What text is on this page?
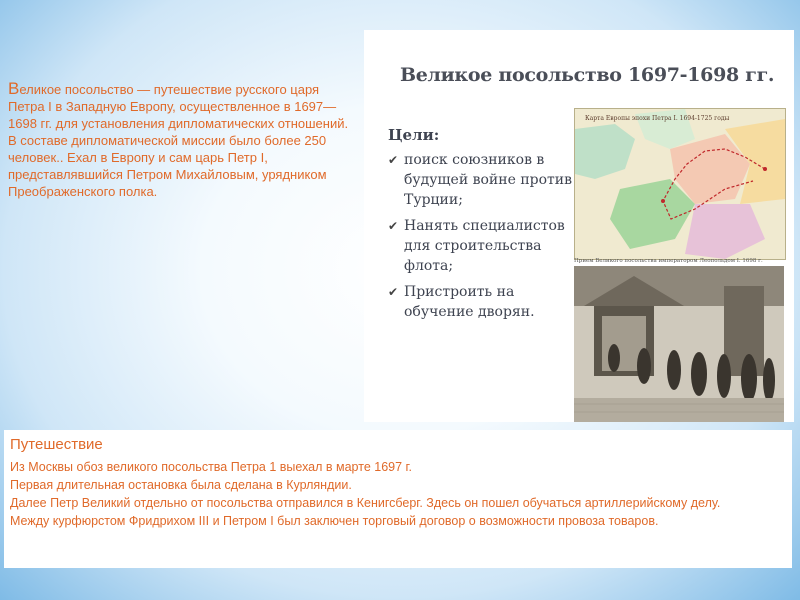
Великое посольство — путешествие русского царя Петра I в Западную Европу, осуществленное в 1697—1698 гг. для установления дипломатических отношений.

В составе дипломатической миссии было более 250 человек.. Ехал в Европу и сам царь Петр I, представлявшийся Петром Михайловым, урядником Преображенского полка.

Великое посольство 1697-1698 гг.
Цели:
✔ поиск союзников в будущей войне против Турции;
✔ Нанять специалистов для строительства флота;
✔ Пристроить на обучение дворян.
Карта Европы эпохи Петра I. 1694-1725 годы
Прием Великого посольства императором Леопольдом I. 1698 г.
Путешествие

Из Москвы обоз великого посольства Петра 1 выехал в марте 1697 г.

Первая длительная остановка была сделана в Курляндии.

Далее Петр Великий отдельно от посольства отправился в Кенигсберг. Здесь он пошел обучаться артиллерийскому делу.

Между курфюрстом Фридрихом III и Петром I был заключен торговый договор о возможности провоза товаров.
